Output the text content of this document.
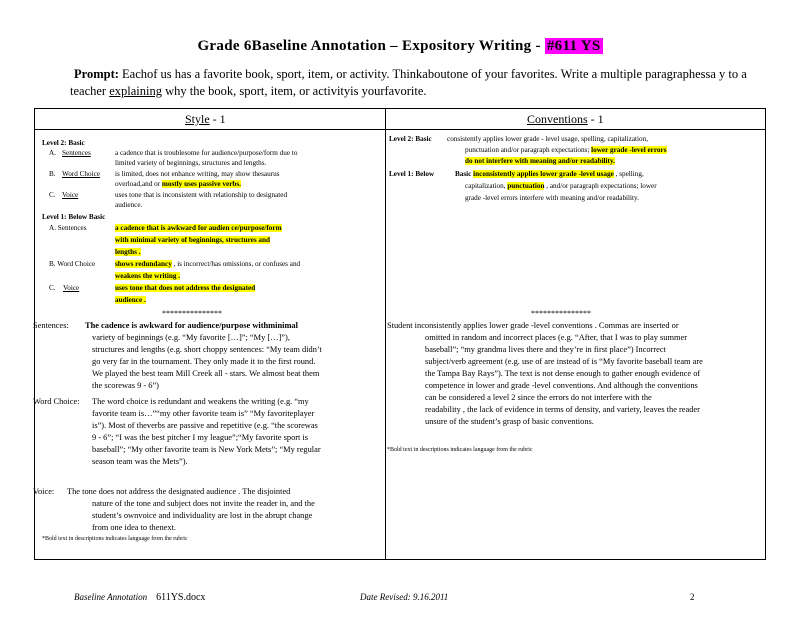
Grade 6Baseline Annotation – Expository Writing - #611 YS
Prompt: Eachof us has a favorite book, sport, item, or activity. Thinkaboutone of your favorites. Write a multiple paragraphessa y to a
teacher explaining why the book, sport, item, or activityis yourfavorite.
Style - 1	Conventions - 1
Level 2: Basic
A. Sentences	a cadence that is troublesome for audience/purpose/form due to
limited variety of beginnings, structures and lengths.
B. Word Choice is limited, does not enhance writing, may show thesaurus
overload,and or mostly uses passive verbs.
C. Voice	uses tone that is inconsistent with relationship to designated
audience.
Level 1: Below Basic
A. Sentences	a cadence that is awkward for audien ce/purpose/form
with minimal variety of beginnings, structures and
lengths .
B. Word Choice	shows redundancy , is incorrect/has omissions, or confuses and
weakens the writing .
C. Voice	uses tone that does not address the designated
audience .
***************
Sentences: The cadence is awkward for audience/purpose withminimal
variety of beginnings (e.g. “My favorite […]”; “My […]”),
structures and lengths (e.g. short choppy sentences: “My team didn’t
go very far in the tournament. They only made it to the first round.
We played the best team Mill Creek all - stars. We almost beat them
the scorewas 9 - 6”)
Word Choice: The word choice is redundant and weakens the writing (e.g. “my
favorite team is…”“my other favorite team is” “My favoriteplayer
is”). Most of theverbs are passive and repetitive (e.g. “the scorewas
9 - 6”; “I was the best pitcher I my league”;“My favorite sport is
baseball”; “My other favorite team is New York Mets”; “My regular
season team was the Mets”).
Voice: The tone does not address the designated audience . The disjointed
nature of the tone and subject does not invite the reader in, and the
student’s ownvoice and individuality are lost in the abrupt change
from one idea to thenext.
*Bold text in descriptions indicates language from the rubric
Level 2: Basic consistently applies lower grade - level usage, spelling, capitalization,
punctuation and/or paragraph expectations; lower grade -level errors
do not interfere with meaning and/or readability.
Level 1: Below	Basic inconsistently applies lower grade -level usage , spelling,
capitalization, punctuation , and/or paragraph expectations; lower
grade -level errors interfere with meaning and/or readability.
***************
Student inconsistently applies lower grade -level conventions . Commas are inserted or
omitted in random and incorrect places (e.g. “After, that I was to play summer
baseball”; “my grandma lives there and they’re in first place”) Incorrect
subject/verb agreement (e.g. use of are instead of is “My favorite baseball team are
the Tampa Bay Rays”). The text is not dense enough to gather enough evidence of
competence in lower and grade -level conventions. And although the conventions
can be considered a level 2 since the errors do not interfere with the
readability , the lack of evidence in terms of density, and variety, leaves the reader
unsure of the student’s grasp of basic conventions.
*Bold text in descriptions indicates language from the rubric
Baseline Annotation 611YS.docx	Date Revised: 9.16.2011	2
